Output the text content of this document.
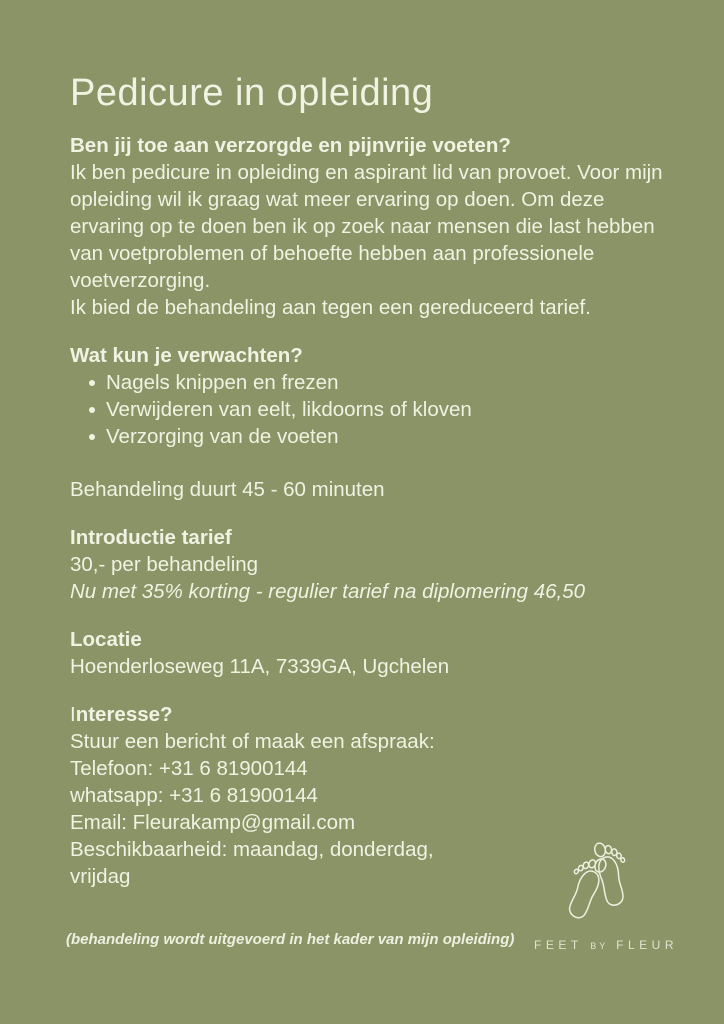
Pedicure in opleiding

Ben jij toe aan verzorgde en pijnvrije voeten?

Ik ben pedicure in opleiding en aspirant lid van provoet. Voor mijn opleiding wil ik graag wat meer ervaring op doen. Om deze ervaring op te doen ben ik op zoek naar mensen die last hebben van voetproblemen of behoefte hebben aan professionele voetverzorging.

Ik bied de behandeling aan tegen een gereduceerd tarief.

Wat kun je verwachten?

Nagels knippen en frezen
Verwijderen van eelt, likdoorns of kloven
Verzorging van de voeten

Behandeling duurt 45 - 60 minuten

Introductie tarief

30,- per behandeling

Nu met 35% korting - regulier tarief na diplomering 46,50

Locatie

Hoenderloseweg 11A, 7339GA, Ugchelen

Interesse?

Stuur een bericht of maak een afspraak:
Telefoon: +31 6 81900144
whatsapp: +31 6 81900144
Email: Fleurakamp@gmail.com
Beschikbaarheid: maandag, donderdag,
vrijdag
FEET BY FLEUR
(behandeling wordt uitgevoerd in het kader van mijn opleiding)
